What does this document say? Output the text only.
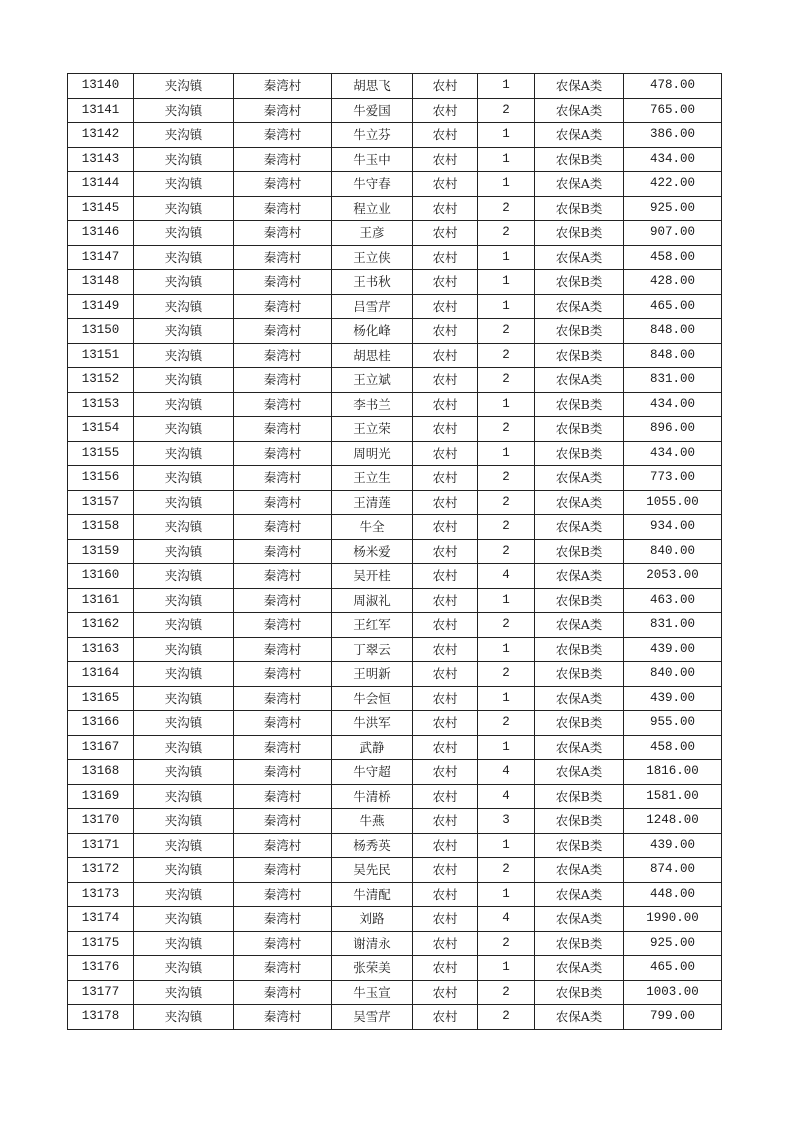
13140	夹沟镇	秦湾村	胡思飞	农村	1	农保A类	478.00
13141	夹沟镇	秦湾村	牛爱国	农村	2	农保A类	765.00
13142	夹沟镇	秦湾村	牛立芬	农村	1	农保A类	386.00
13143	夹沟镇	秦湾村	牛玉中	农村	1	农保B类	434.00
13144	夹沟镇	秦湾村	牛守春	农村	1	农保A类	422.00
13145	夹沟镇	秦湾村	程立业	农村	2	农保B类	925.00
13146	夹沟镇	秦湾村	王彦	农村	2	农保B类	907.00
13147	夹沟镇	秦湾村	王立侠	农村	1	农保A类	458.00
13148	夹沟镇	秦湾村	王书秋	农村	1	农保B类	428.00
13149	夹沟镇	秦湾村	吕雪芹	农村	1	农保A类	465.00
13150	夹沟镇	秦湾村	杨化峰	农村	2	农保B类	848.00
13151	夹沟镇	秦湾村	胡思桂	农村	2	农保B类	848.00
13152	夹沟镇	秦湾村	王立斌	农村	2	农保A类	831.00
13153	夹沟镇	秦湾村	李书兰	农村	1	农保B类	434.00
13154	夹沟镇	秦湾村	王立荣	农村	2	农保B类	896.00
13155	夹沟镇	秦湾村	周明光	农村	1	农保B类	434.00
13156	夹沟镇	秦湾村	王立生	农村	2	农保A类	773.00
13157	夹沟镇	秦湾村	王清莲	农村	2	农保A类	1055.00
13158	夹沟镇	秦湾村	牛全	农村	2	农保A类	934.00
13159	夹沟镇	秦湾村	杨米爱	农村	2	农保B类	840.00
13160	夹沟镇	秦湾村	吴开桂	农村	4	农保A类	2053.00
13161	夹沟镇	秦湾村	周淑礼	农村	1	农保B类	463.00
13162	夹沟镇	秦湾村	王红军	农村	2	农保A类	831.00
13163	夹沟镇	秦湾村	丁翠云	农村	1	农保B类	439.00
13164	夹沟镇	秦湾村	王明新	农村	2	农保B类	840.00
13165	夹沟镇	秦湾村	牛会恒	农村	1	农保A类	439.00
13166	夹沟镇	秦湾村	牛洪军	农村	2	农保B类	955.00
13167	夹沟镇	秦湾村	武静	农村	1	农保A类	458.00
13168	夹沟镇	秦湾村	牛守超	农村	4	农保A类	1816.00
13169	夹沟镇	秦湾村	牛清桥	农村	4	农保B类	1581.00
13170	夹沟镇	秦湾村	牛燕	农村	3	农保B类	1248.00
13171	夹沟镇	秦湾村	杨秀英	农村	1	农保B类	439.00
13172	夹沟镇	秦湾村	吴先民	农村	2	农保A类	874.00
13173	夹沟镇	秦湾村	牛清配	农村	1	农保A类	448.00
13174	夹沟镇	秦湾村	刘路	农村	4	农保A类	1990.00
13175	夹沟镇	秦湾村	谢清永	农村	2	农保B类	925.00
13176	夹沟镇	秦湾村	张荣美	农村	1	农保A类	465.00
13177	夹沟镇	秦湾村	牛玉宣	农村	2	农保B类	1003.00
13178	夹沟镇	秦湾村	吴雪芹	农村	2	农保A类	799.00
